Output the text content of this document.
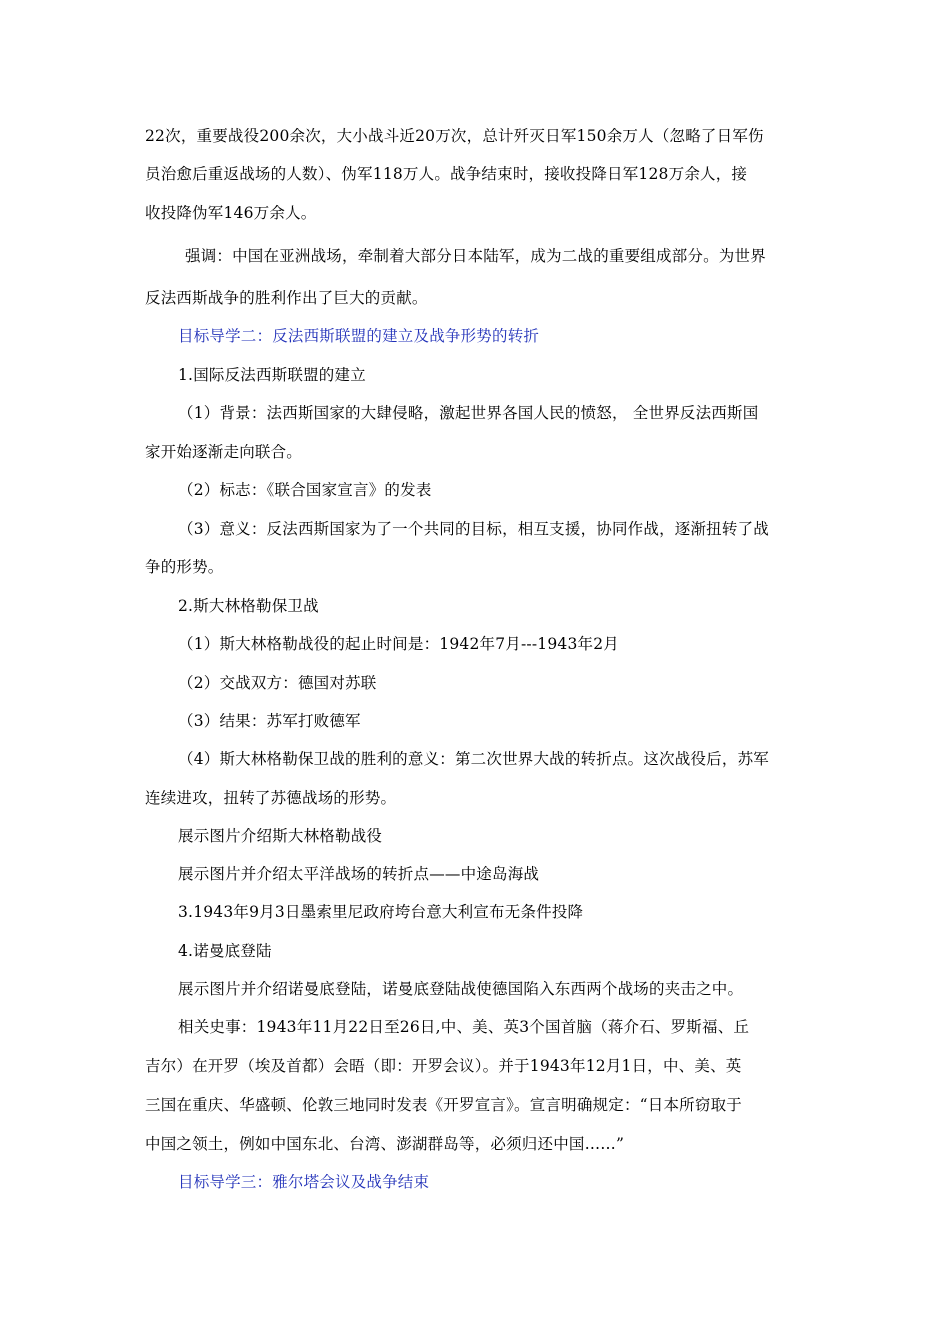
22次，重要战役200余次，大小战斗近20万次，总计歼灭日军150余万人（忽略了日军伤
员治愈后重返战场的人数）、伪军118万人。战争结束时，接收投降日军128万余人，接
收投降伪军146万余人。
强调：中国在亚洲战场，牵制着大部分日本陆军，成为二战的重要组成部分。为世界
反法西斯战争的胜利作出了巨大的贡献。
目标导学二：反法西斯联盟的建立及战争形势的转折
1.国际反法西斯联盟的建立
（1）背景：法西斯国家的大肆侵略，激起世界各国人民的愤怒， 全世界反法西斯国
家开始逐渐走向联合。
（2）标志：《联合国家宣言》的发表
（3）意义：反法西斯国家为了一个共同的目标，相互支援，协同作战，逐渐扭转了战
争的形势。
2.斯大林格勒保卫战
（1）斯大林格勒战役的起止时间是：1942年7月---1943年2月
（2）交战双方：德国对苏联
（3）结果：苏军打败德军
（4）斯大林格勒保卫战的胜利的意义：第二次世界大战的转折点。这次战役后，苏军
连续进攻，扭转了苏德战场的形势。
展示图片介绍斯大林格勒战役
展示图片并介绍太平洋战场的转折点——中途岛海战
3.1943年9月3日墨索里尼政府垮台意大利宣布无条件投降
4.诺曼底登陆
展示图片并介绍诺曼底登陆，诺曼底登陆战使德国陷入东西两个战场的夹击之中。
相关史事：1943年11月22日至26日,中、美、英3个国首脑（蒋介石、罗斯福、丘
吉尔）在开罗（埃及首都）会晤（即：开罗会议）。并于1943年12月1日，中、美、英
三国在重庆、华盛顿、伦敦三地同时发表《开罗宣言》。宣言明确规定：“日本所窃取于
中国之领土，例如中国东北、台湾、澎湖群岛等，必须归还中国……”
目标导学三：雅尔塔会议及战争结束
